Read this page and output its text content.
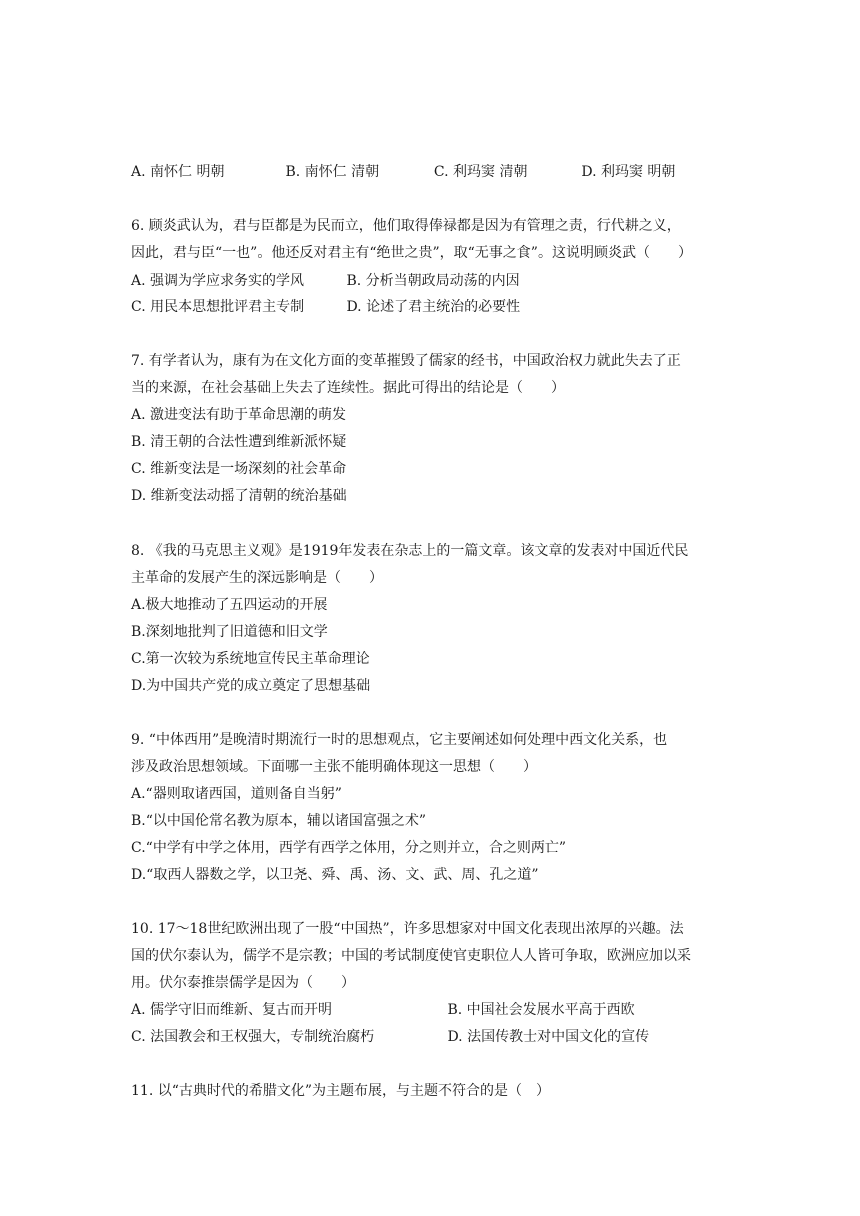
A. 南怀仁 明朝	B. 南怀仁 清朝	C. 利玛窦 清朝	D. 利玛窦 明朝
6. 顾炎武认为，君与臣都是为民而立，他们取得俸禄都是因为有管理之责，行代耕之义，
因此，君与臣“一也”。他还反对君主有“绝世之贵”，取“无事之食”。这说明顾炎武（　　）
A. 强调为学应求务实的学风	B. 分析当朝政局动荡的内因
C. 用民本思想批评君主专制	D. 论述了君主统治的必要性
7. 有学者认为，康有为在文化方面的变革摧毁了儒家的经书，中国政治权力就此失去了正
当的来源，在社会基础上失去了连续性。据此可得出的结论是（　　）
A. 激进变法有助于革命思潮的萌发
B. 清王朝的合法性遭到维新派怀疑
C. 维新变法是一场深刻的社会革命
D. 维新变法动摇了清朝的统治基础
8. 《我的马克思主义观》是1919年发表在杂志上的一篇文章。该文章的发表对中国近代民
主革命的发展产生的深远影响是（　　）
A.极大地推动了五四运动的开展
B.深刻地批判了旧道德和旧文学
C.第一次较为系统地宣传民主革命理论
D.为中国共产党的成立奠定了思想基础
9. “中体西用”是晚清时期流行一时的思想观点，它主要阐述如何处理中西文化关系，也
涉及政治思想领域。下面哪一主张不能明确体现这一思想（　　）
A.“器则取诸西国，道则备自当躬”
B.“以中国伦常名教为原本，辅以诸国富强之术”
C.“中学有中学之体用，西学有西学之体用，分之则并立，合之则两亡”
D.“取西人器数之学，以卫尧、舜、禹、汤、文、武、周、孔之道”
10. 17～18世纪欧洲出现了一股“中国热”，许多思想家对中国文化表现出浓厚的兴趣。法
国的伏尔泰认为，儒学不是宗教；中国的考试制度使官吏职位人人皆可争取，欧洲应加以采
用。伏尔泰推崇儒学是因为（　　）
A. 儒学守旧而维新、复古而开明	B. 中国社会发展水平高于西欧
C. 法国教会和王权强大，专制统治腐朽	D. 法国传教士对中国文化的宣传
11. 以“古典时代的希腊文化”为主题布展，与主题不符合的是（　）
